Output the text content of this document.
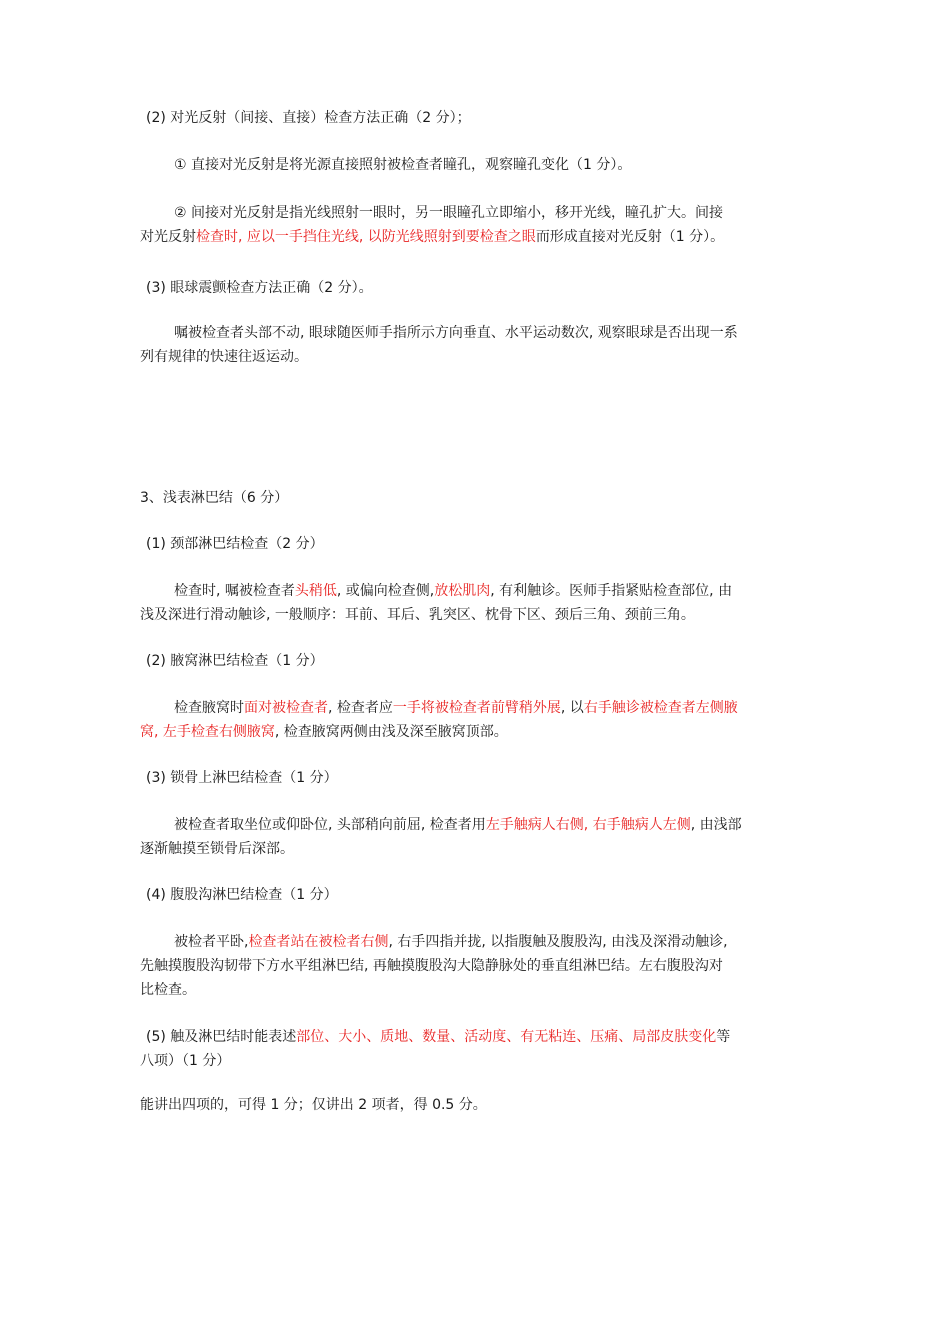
(2) 对光反射（间接、直接）检查方法正确（2 分）；
① 直接对光反射是将光源直接照射被检查者瞳孔，观察瞳孔变化（1 分）。
② 间接对光反射是指光线照射一眼时，另一眼瞳孔立即缩小，移开光线，瞳孔扩大。间接
对光反射检查时, 应以一手挡住光线, 以防光线照射到要检查之眼而形成直接对光反射（1 分）。
(3) 眼球震颤检查方法正确（2 分）。
嘱被检查者头部不动, 眼球随医师手指所示方向垂直、水平运动数次, 观察眼球是否出现一系
列有规律的快速往返运动。
3、浅表淋巴结（6 分）
(1) 颈部淋巴结检查（2 分）
检查时, 嘱被检查者头稍低, 或偏向检查侧,放松肌肉, 有利触诊。医师手指紧贴检查部位, 由
浅及深进行滑动触诊, 一般顺序：耳前、耳后、乳突区、枕骨下区、颈后三角、颈前三角。
(2) 腋窝淋巴结检查（1 分）
检查腋窝时面对被检查者, 检查者应一手将被检查者前臂稍外展, 以右手触诊被检查者左侧腋
窝, 左手检查右侧腋窝, 检查腋窝两侧由浅及深至腋窝顶部。
(3) 锁骨上淋巴结检查（1 分）
被检查者取坐位或仰卧位, 头部稍向前屈, 检查者用左手触病人右侧, 右手触病人左侧, 由浅部
逐渐触摸至锁骨后深部。
(4) 腹股沟淋巴结检查（1 分）
被检者平卧,检查者站在被检者右侧, 右手四指并拢, 以指腹触及腹股沟, 由浅及深滑动触诊,
先触摸腹股沟韧带下方水平组淋巴结, 再触摸腹股沟大隐静脉处的垂直组淋巴结。左右腹股沟对
比检查。
(5) 触及淋巴结时能表述部位、大小、质地、数量、活动度、有无粘连、压痛、局部皮肤变化等
八项）（1 分）
能讲出四项的，可得 1 分；仅讲出 2 项者，得 0.5 分。
